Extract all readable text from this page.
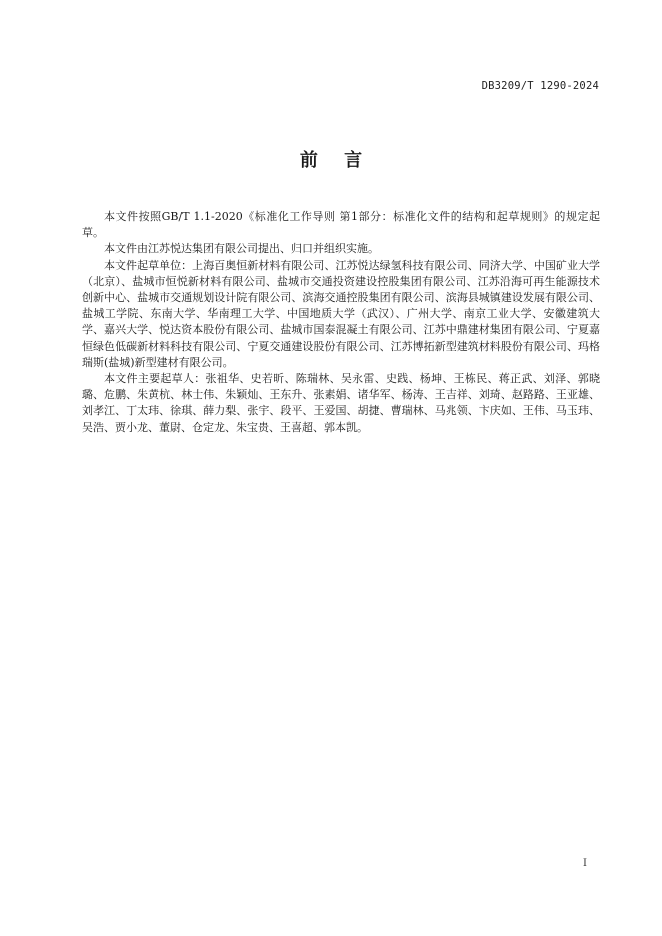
DB3209/T 1290-2024
前 言

本文件按照GB/T 1.1-2020《标准化工作导则 第1部分：标准化文件的结构和起草规则》的规定起草。

本文件由江苏悦达集团有限公司提出、归口并组织实施。

本文件起草单位：上海百奥恒新材料有限公司、江苏悦达绿氢科技有限公司、同济大学、中国矿业大学（北京）、盐城市恒悦新材料有限公司、盐城市交通投资建设控股集团有限公司、江苏沿海可再生能源技术创新中心、盐城市交通规划设计院有限公司、滨海交通控股集团有限公司、滨海县城镇建设发展有限公司、盐城工学院、东南大学、华南理工大学、中国地质大学（武汉）、广州大学、南京工业大学、安徽建筑大学、嘉兴大学、悦达资本股份有限公司、盐城市国泰混凝土有限公司、江苏中鼎建材集团有限公司、宁夏嘉恒绿色低碳新材料科技有限公司、宁夏交通建设股份有限公司、江苏博拓新型建筑材料股份有限公司、玛格瑞斯(盐城)新型建材有限公司。

本文件主要起草人：张祖华、史若昕、陈瑞林、吴永雷、史践、杨坤、王栋民、蒋正武、刘泽、郭晓璐、危鹏、朱黄杭、林士伟、朱颖灿、王东升、张素娟、诸华军、杨涛、王吉祥、刘琦、赵路路、王亚雄、刘孝江、丁太玮、徐琪、薛力梨、张宇、段平、王爱国、胡捷、曹瑞林、马兆领、卞庆如、王伟、马玉玮、吴浩、贾小龙、董尉、仓定龙、朱宝贵、王喜超、郭本凯。

I
